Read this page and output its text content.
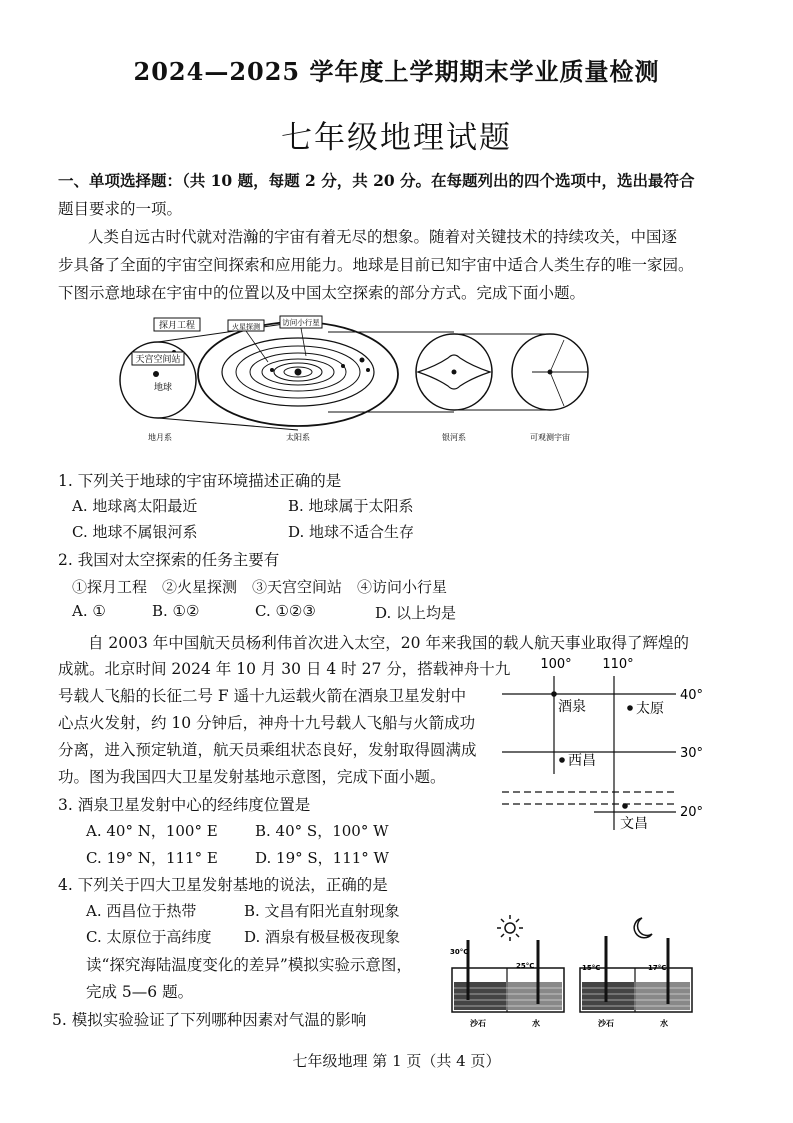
2024—2025 学年度上学期期末学业质量检测
七年级地理试题
一、单项选择题：（共 10 题，每题 2 分，共 20 分。在每题列出的四个选项中，选出最符合
题目要求的一项。
人类自远古时代就对浩瀚的宇宙有着无尽的想象。随着对关键技术的持续攻关，中国逐
步具备了全面的宇宙空间探索和应用能力。地球是目前已知宇宙中适合人类生存的唯一家园。
下图示意地球在宇宙中的位置以及中国太空探索的部分方式。完成下面小题。
探月工程
天宫空间站
地球
火星探测	访问小行星
地月系	太阳系	银河系	可观测宇宙
1. 下列关于地球的宇宙环境描述正确的是
A. 地球离太阳最近	B. 地球属于太阳系
C. 地球不属银河系	D. 地球不适合生存
2. 我国对太空探索的任务主要有
①探月工程　②火星探测　③天宫空间站　④访问小行星
A. ①	B. ①②	C. ①②③	D. 以上均是
自 2003 年中国航天员杨利伟首次进入太空，20 年来我国的载人航天事业取得了辉煌的
成就。北京时间 2024 年 10 月 30 日 4 时 27 分，搭载神舟十九
号载人飞船的长征二号 F 遥十九运载火箭在酒泉卫星发射中
心点火发射，约 10 分钟后，神舟十九号载人飞船与火箭成功
分离，进入预定轨道，航天员乘组状态良好，发射取得圆满成
功。图为我国四大卫星发射基地示意图，完成下面小题。
100° 110°
40°
30°
20°
酒泉	太原
西昌
文昌
3. 酒泉卫星发射中心的经纬度位置是
A. 40° N，100° E B. 40° S，100° W
C. 19° N，111° E D. 19° S，111° W
4. 下列关于四大卫星发射基地的说法，正确的是
A. 西昌位于热带	B. 文昌有阳光直射现象
C. 太原位于高纬度 D. 酒泉有极昼极夜现象
读“探究海陆温度变化的差异”模拟实验示意图，
完成 5—6 题。
30°C
25°C
沙石	水
15°C	17°C
沙石	水
5. 模拟实验验证了下列哪种因素对气温的影响
七年级地理 第 1 页（共 4 页）
